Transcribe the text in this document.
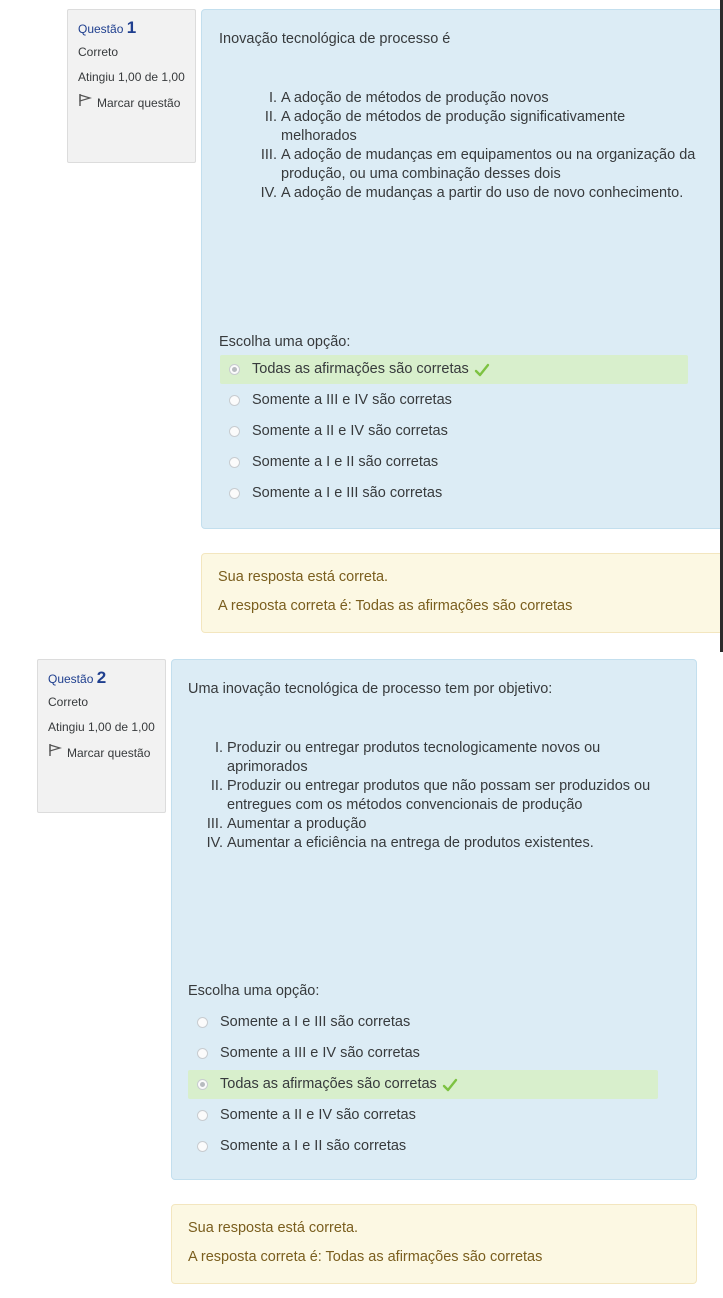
Questão 1
Correto
Atingiu 1,00 de 1,00
Marcar questão
Inovação tecnológica de processo é
I. A adoção de métodos de produção novos
II. A adoção de métodos de produção significativamente melhorados
III. A adoção de mudanças em equipamentos ou na organização da produção, ou uma combinação desses dois
IV. A adoção de mudanças a partir do uso de novo conhecimento.
Escolha uma opção:
Todas as afirmações são corretas
Somente a III e IV são corretas
Somente a II e IV são corretas
Somente a I e II são corretas
Somente a I e III são corretas
Sua resposta está correta.
A resposta correta é: Todas as afirmações são corretas
Questão 2
Correto
Atingiu 1,00 de 1,00
Marcar questão
Uma inovação tecnológica de processo tem por objetivo:
I. Produzir ou entregar produtos tecnologicamente novos ou aprimorados
II. Produzir ou entregar produtos que não possam ser produzidos ou entregues com os métodos convencionais de produção
III. Aumentar a produção
IV. Aumentar a eficiência na entrega de produtos existentes.
Escolha uma opção:
Somente a I e III são corretas
Somente a III e IV são corretas
Todas as afirmações são corretas
Somente a II e IV são corretas
Somente a I e II são corretas
Sua resposta está correta.
A resposta correta é: Todas as afirmações são corretas
